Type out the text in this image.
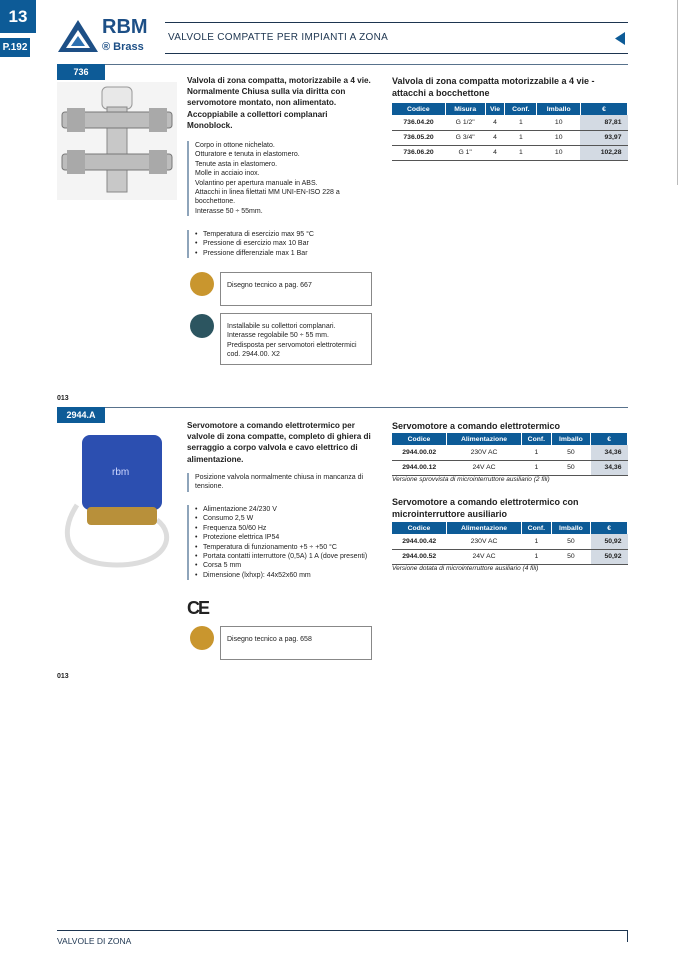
13
P.192
RBM
® Brass
VALVOLE COMPATTE PER IMPIANTI A ZONA
736
Valvola di zona compatta, motorizzabile a 4 vie. Normalmente Chiusa sulla via diritta con servomotore montato, non alimentato. Accoppiabile a collettori complanari Monoblock.
Corpo in ottone nichelato.
Otturatore e tenuta in elastomero.
Tenute asta in elastomero.
Molle in acciaio inox.
Volantino per apertura manuale in ABS.
Attacchi in linea filettati MM UNI-EN-ISO 228 a bocchettone.
Interasse 50 ÷ 55mm.
• Temperatura di esercizio max 95 °C
• Pressione di esercizio max 10 Bar
• Pressione differenziale max 1 Bar
Disegno tecnico a pag. 667
Installabile su collettori complanari. Interasse regolabile 50 ÷ 55 mm. Predisposta per servomotori elettrotermici cod. 2944.00. X2
Valvola di zona compatta motorizzabile a 4 vie - attacchi a bocchettone
Codice	Misura	Vie	Conf.	Imballo	€
736.04.20	G 1/2"	4	1	10	87,81
736.05.20	G 3/4"	4	1	10	93,97
736.06.20	G 1"	4	1	10	102,28
013
2944.A
rbm
Servomotore a comando elettrotermico per valvole di zona compatte, completo di ghiera di serraggio a corpo valvola e cavo elettrico di alimentazione.
Posizione valvola normalmente chiusa in mancanza di tensione.
• Alimentazione 24/230 V
• Consumo 2,5 W
• Frequenza 50/60 Hz
• Protezione elettrica IP54
• Temperatura di funzionamento +5 ÷ +50 °C
• Portata contatti interruttore (0,5A) 1 A (dove presenti)
• Corsa 5 mm
• Dimensione (lxhxp): 44x52x60 mm
CE
Disegno tecnico a pag. 658
Servomotore a comando elettrotermico
Codice	Alimentazione	Conf.	Imballo	€
2944.00.02	230V AC	1	50	34,36
2944.00.12	24V AC	1	50	34,36
Versione sprovvista di microinterruttore ausiliario (2 fili)
Servomotore a comando elettrotermico con microinterruttore ausiliario
Codice	Alimentazione	Conf.	Imballo	€
2944.00.42	230V AC	1	50	50,92
2944.00.52	24V AC	1	50	50,92
Versione dotata di microinterruttore ausiliario (4 fili)
013
VALVOLE DI ZONA
